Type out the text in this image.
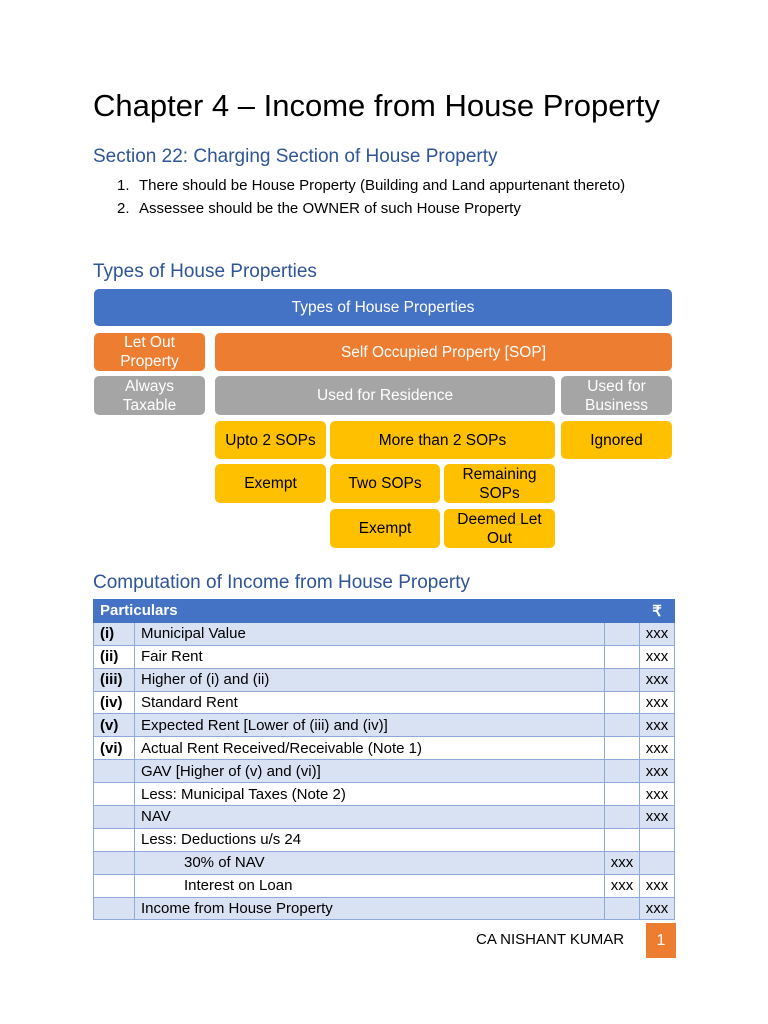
Chapter 4 – Income from House Property
Section 22: Charging Section of House Property
1. There should be House Property (Building and Land appurtenant thereto)
2. Assessee should be the OWNER of such House Property
Types of House Properties
Types of House Properties
Let Out Property
Self Occupied Property [SOP]
Always Taxable
Used for Residence
Used for Business
Upto 2 SOPs	More than 2 SOPs	Ignored
Exempt	Two SOPs
Remaining SOPs
Exempt
Deemed Let Out
Computation of Income from House Property
Particulars			₹
(i)	Municipal Value		xxx
(ii)	Fair Rent		xxx
(iii)	Higher of (i) and (ii)		xxx
(iv)	Standard Rent		xxx
(v)	Expected Rent [Lower of (iii) and (iv)]		xxx
(vi)	Actual Rent Received/Receivable (Note 1)		xxx
	GAV [Higher of (v) and (vi)]		xxx
	Less: Municipal Taxes (Note 2)		xxx
	NAV		xxx
	Less: Deductions u/s 24		
	30% of NAV	xxx	
	Interest on Loan	xxx	xxx
	Income from House Property		xxx
CA NISHANT KUMAR	1
